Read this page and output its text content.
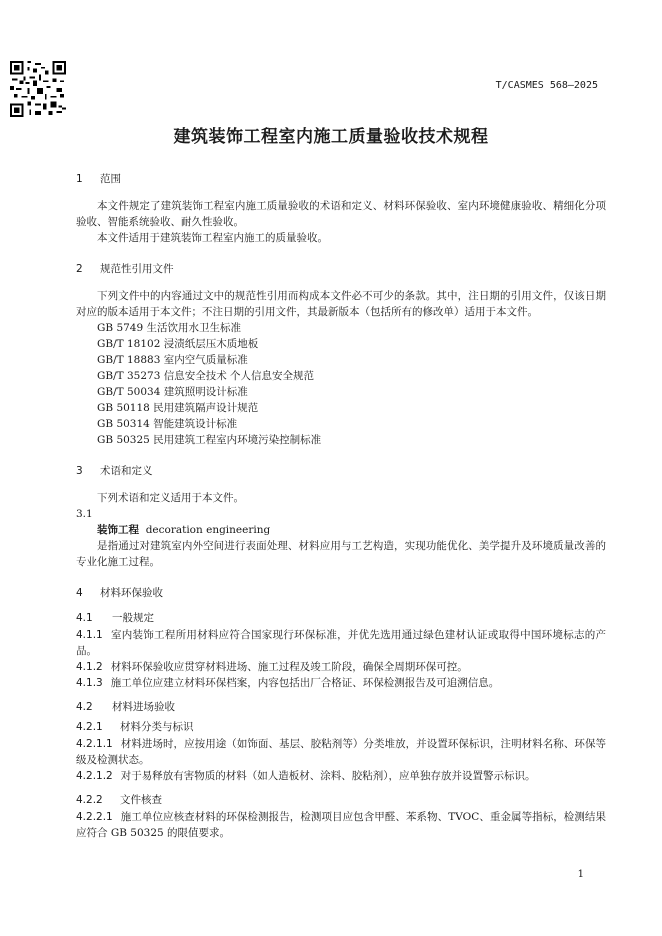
T/CASMES 568—2025
建筑装饰工程室内施工质量验收技术规程
1 范围

本文件规定了建筑装饰工程室内施工质量验收的术语和定义、材料环保验收、室内环境健康验收、精细化分项验收、智能系统验收、耐久性验收。

本文件适用于建筑装饰工程室内施工的质量验收。

2 规范性引用文件

下列文件中的内容通过文中的规范性引用而构成本文件必不可少的条款。其中，注日期的引用文件，仅该日期对应的版本适用于本文件；不注日期的引用文件，其最新版本（包括所有的修改单）适用于本文件。

GB 5749 生活饮用水卫生标准
GB/T 18102 浸渍纸层压木质地板
GB/T 18883 室内空气质量标准
GB/T 35273 信息安全技术 个人信息安全规范
GB/T 50034 建筑照明设计标准
GB 50118 民用建筑隔声设计规范
GB 50314 智能建筑设计标准
GB 50325 民用建筑工程室内环境污染控制标准
3 术语和定义

下列术语和定义适用于本文件。

3.1
装饰工程 decoration engineering

是指通过对建筑室内外空间进行表面处理、材料应用与工艺构造，实现功能优化、美学提升及环境质量改善的专业化施工过程。

4 材料环保验收
4.1 一般规定

4.1.1 室内装饰工程所用材料应符合国家现行环保标准，并优先选用通过绿色建材认证或取得中国环境标志的产品。

4.1.2 材料环保验收应贯穿材料进场、施工过程及竣工阶段，确保全周期环保可控。

4.1.3 施工单位应建立材料环保档案，内容包括出厂合格证、环保检测报告及可追溯信息。

4.2 材料进场验收
4.2.1 材料分类与标识

4.2.1.1 材料进场时，应按用途（如饰面、基层、胶粘剂等）分类堆放，并设置环保标识，注明材料名称、环保等级及检测状态。

4.2.1.2 对于易释放有害物质的材料（如人造板材、涂料、胶粘剂），应单独存放并设置警示标识。

4.2.2 文件核查

4.2.2.1 施工单位应核查材料的环保检测报告，检测项目应包含甲醛、苯系物、TVOC、重金属等指标，检测结果应符合 GB 50325 的限值要求。

1
